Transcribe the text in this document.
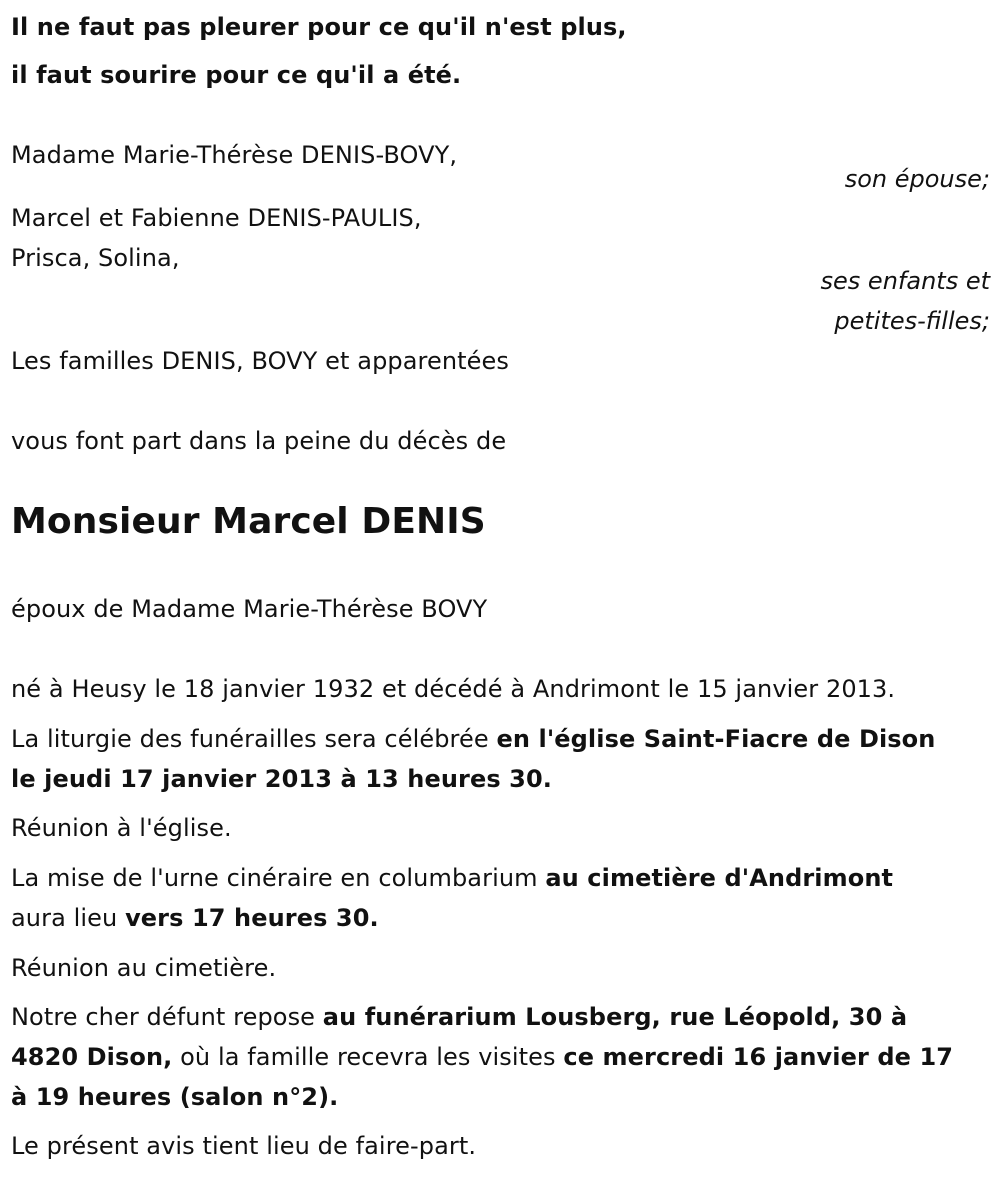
Il ne faut pas pleurer pour ce qu'il n'est plus,
il faut sourire pour ce qu'il a été.
Madame Marie-Thérèse DENIS-BOVY,
son épouse;
Marcel et Fabienne DENIS-PAULIS,
Prisca, Solina,
ses enfants et
petites-filles;
Les familles DENIS, BOVY et apparentées
vous font part dans la peine du décès de
Monsieur Marcel DENIS
époux de Madame Marie-Thérèse BOVY
né à Heusy le 18 janvier 1932 et décédé à Andrimont le 15 janvier 2013.
La liturgie des funérailles sera célébrée en l'église Saint-Fiacre de Dison
le jeudi 17 janvier 2013 à 13 heures 30.
Réunion à l'église.
La mise de l'urne cinéraire en columbarium au cimetière d'Andrimont
aura lieu vers 17 heures 30.
Réunion au cimetière.
Notre cher défunt repose au funérarium Lousberg, rue Léopold, 30 à
4820 Dison, où la famille recevra les visites ce mercredi 16 janvier de 17
à 19 heures (salon n°2).
Le présent avis tient lieu de faire-part.
